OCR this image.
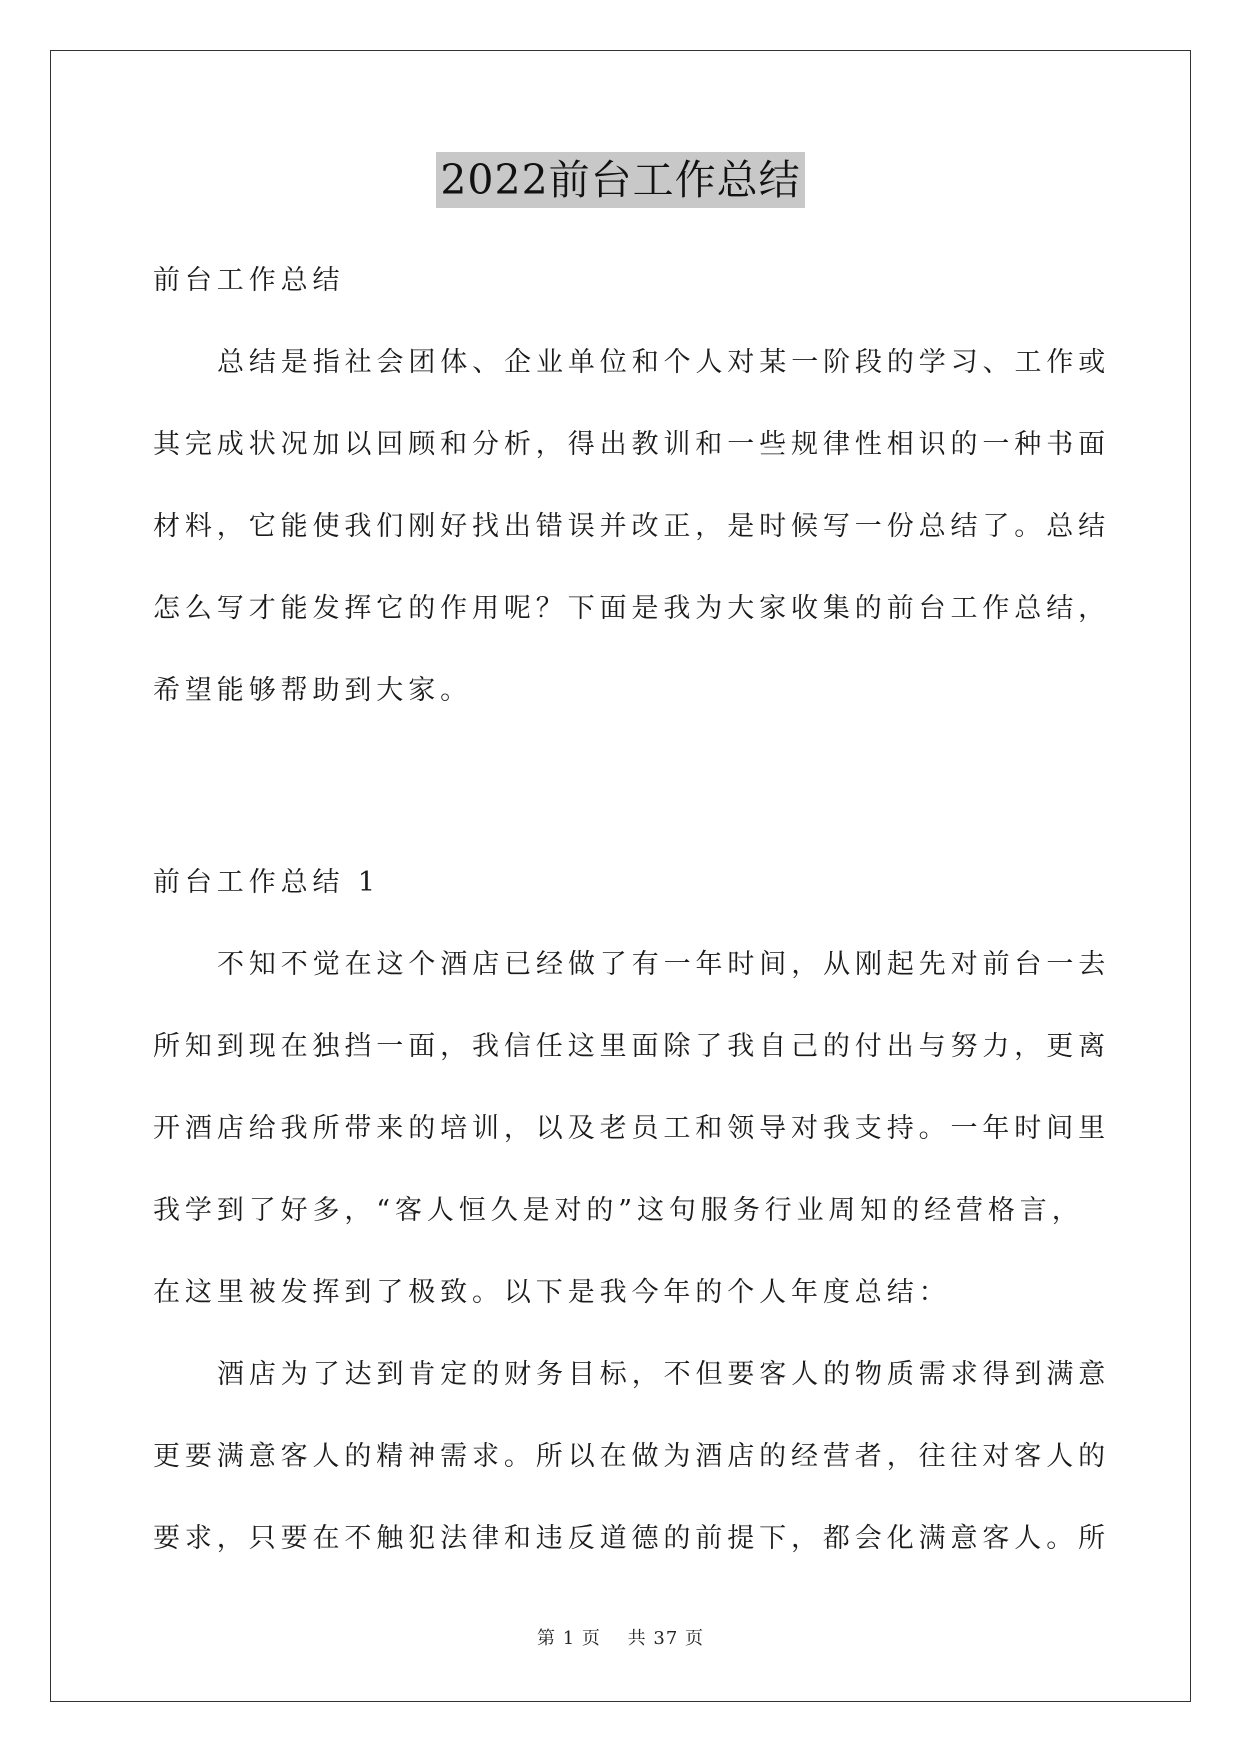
2022前台工作总结
前台工作总结
总结是指社会团体、企业单位和个人对某一阶段的学习、工作或
其完成状况加以回顾和分析，得出教训和一些规律性相识的一种书面
材料，它能使我们刚好找出错误并改正，是时候写一份总结了。总结
怎么写才能发挥它的作用呢？下面是我为大家收集的前台工作总结，
希望能够帮助到大家。
前台工作总结 1
不知不觉在这个酒店已经做了有一年时间，从刚起先对前台一去
所知到现在独挡一面，我信任这里面除了我自己的付出与努力，更离
开酒店给我所带来的培训，以及老员工和领导对我支持。一年时间里
我学到了好多，“客人恒久是对的”这句服务行业周知的经营格言，
在这里被发挥到了极致。以下是我今年的个人年度总结：
酒店为了达到肯定的财务目标，不但要客人的物质需求得到满意
更要满意客人的精神需求。所以在做为酒店的经营者，往往对客人的
要求，只要在不触犯法律和违反道德的前提下，都会化满意客人。所
第 1 页 共 37 页
